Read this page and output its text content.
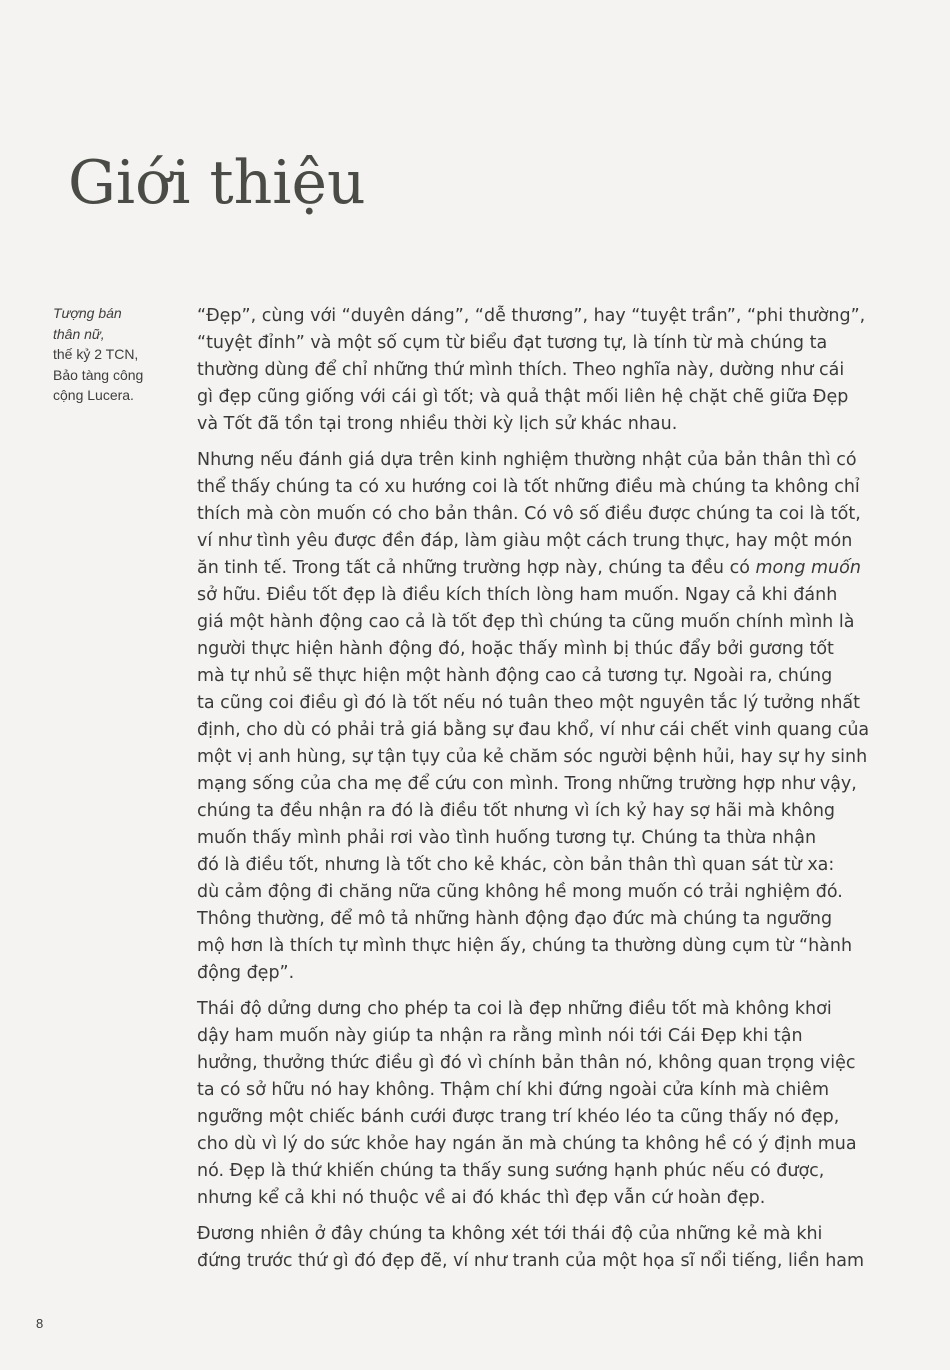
Giới thiệu
Tượng bán
thân nữ,
thế kỷ 2 TCN,
Bảo tàng công
cộng Lucera.
“Đẹp”, cùng với “duyên dáng”, “dễ thương”, hay “tuyệt trần”, “phi thường”,
“tuyệt đỉnh” và một số cụm từ biểu đạt tương tự, là tính từ mà chúng ta
thường dùng để chỉ những thứ mình thích. Theo nghĩa này, dường như cái
gì đẹp cũng giống với cái gì tốt; và quả thật mối liên hệ chặt chẽ giữa Đẹp
và Tốt đã tồn tại trong nhiều thời kỳ lịch sử khác nhau.
Nhưng nếu đánh giá dựa trên kinh nghiệm thường nhật của bản thân thì có
thể thấy chúng ta có xu hướng coi là tốt những điều mà chúng ta không chỉ
thích mà còn muốn có cho bản thân. Có vô số điều được chúng ta coi là tốt,
ví như tình yêu được đền đáp, làm giàu một cách trung thực, hay một món
ăn tinh tế. Trong tất cả những trường hợp này, chúng ta đều có mong muốn
sở hữu. Điều tốt đẹp là điều kích thích lòng ham muốn. Ngay cả khi đánh
giá một hành động cao cả là tốt đẹp thì chúng ta cũng muốn chính mình là
người thực hiện hành động đó, hoặc thấy mình bị thúc đẩy bởi gương tốt
mà tự nhủ sẽ thực hiện một hành động cao cả tương tự. Ngoài ra, chúng
ta cũng coi điều gì đó là tốt nếu nó tuân theo một nguyên tắc lý tưởng nhất
định, cho dù có phải trả giá bằng sự đau khổ, ví như cái chết vinh quang của
một vị anh hùng, sự tận tụy của kẻ chăm sóc người bệnh hủi, hay sự hy sinh
mạng sống của cha mẹ để cứu con mình. Trong những trường hợp như vậy,
chúng ta đều nhận ra đó là điều tốt nhưng vì ích kỷ hay sợ hãi mà không
muốn thấy mình phải rơi vào tình huống tương tự. Chúng ta thừa nhận
đó là điều tốt, nhưng là tốt cho kẻ khác, còn bản thân thì quan sát từ xa:
dù cảm động đi chăng nữa cũng không hề mong muốn có trải nghiệm đó.
Thông thường, để mô tả những hành động đạo đức mà chúng ta ngưỡng
mộ hơn là thích tự mình thực hiện ấy, chúng ta thường dùng cụm từ “hành
động đẹp”.
Thái độ dửng dưng cho phép ta coi là đẹp những điều tốt mà không khơi
dậy ham muốn này giúp ta nhận ra rằng mình nói tới Cái Đẹp khi tận
hưởng, thưởng thức điều gì đó vì chính bản thân nó, không quan trọng việc
ta có sở hữu nó hay không. Thậm chí khi đứng ngoài cửa kính mà chiêm
ngưỡng một chiếc bánh cưới được trang trí khéo léo ta cũng thấy nó đẹp,
cho dù vì lý do sức khỏe hay ngán ăn mà chúng ta không hề có ý định mua
nó. Đẹp là thứ khiến chúng ta thấy sung sướng hạnh phúc nếu có được,
nhưng kể cả khi nó thuộc về ai đó khác thì đẹp vẫn cứ hoàn đẹp.
Đương nhiên ở đây chúng ta không xét tới thái độ của những kẻ mà khi
đứng trước thứ gì đó đẹp đẽ, ví như tranh của một họa sĩ nổi tiếng, liền ham
8
